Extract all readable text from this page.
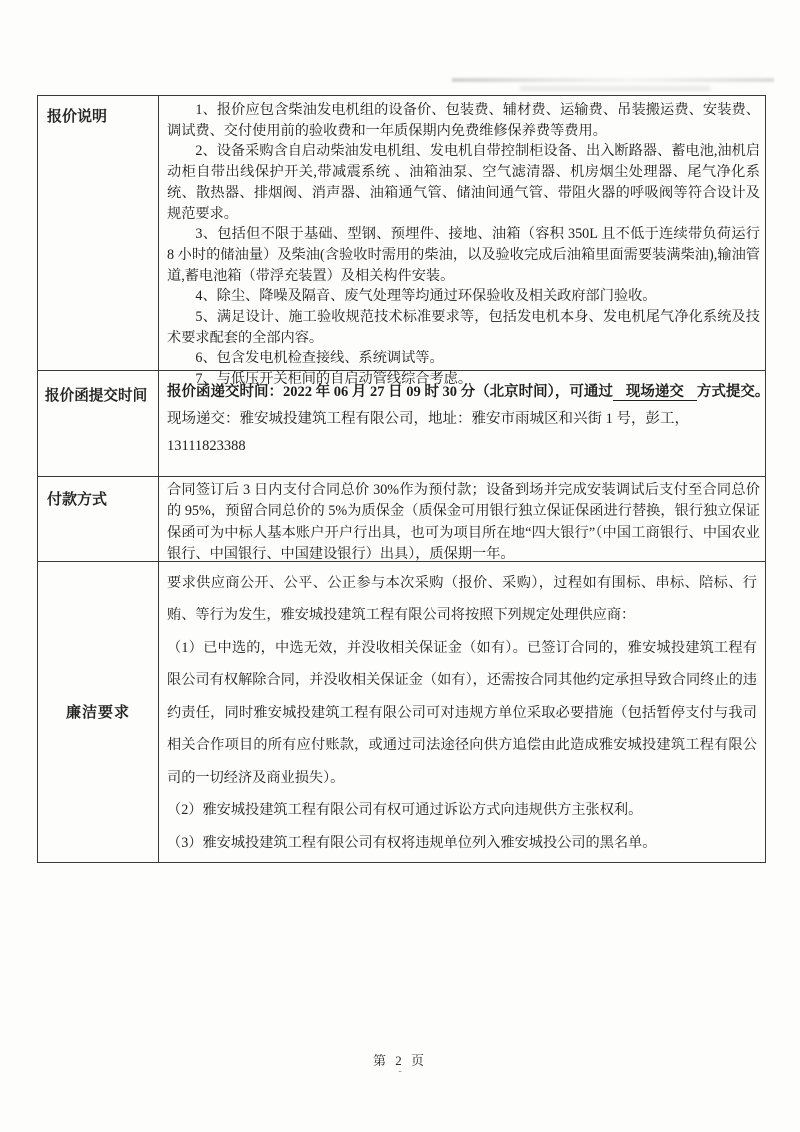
报价说明	1、报价应包含柴油发电机组的设备价、包装费、辅材费、运输费、吊装搬运费、安装费、调试费、交付使用前的验收费和一年质保期内免费维修保养费等费用。

2、设备采购含自启动柴油发电机组、发电机自带控制柜设备、出入断路器、蓄电池,油机启动柜自带出线保护开关,带减震系统 、油箱油泵、空气滤清器、机房烟尘处理器、尾气净化系统、散热器、排烟阀、消声器、油箱通气管、储油间通气管、带阻火器的呼吸阀等符合设计及规范要求。

3、包括但不限于基础、型钢、预埋件、接地、油箱（容积 350L 且不低于连续带负荷运行 8 小时的储油量）及柴油(含验收时需用的柴油，以及验收完成后油箱里面需要装满柴油),输油管道,蓄电池箱（带浮充装置）及相关构件安装。

4、除尘、降噪及隔音、废气处理等均通过环保验收及相关政府部门验收。

5、满足设计、施工验收规范技术标准要求等，包括发电机本身、发电机尾气净化系统及技术要求配套的全部内容。

6、包含发电机检查接线、系统调试等。

7、与低压开关柜间的自启动管线综合考虑。

报价函提交时间	报价函递交时间：2022 年 06 月 27 日 09 时 30 分（北京时间），可通过 现场递交 方式提交。
现场递交：雅安城投建筑工程有限公司，地址：雅安市雨城区和兴街 1 号，彭工，13111823388

付款方式	合同签订后 3 日内支付合同总价 30%作为预付款；设备到场并完成安装调试后支付至合同总价的 95%，预留合同总价的 5%为质保金（质保金可用银行独立保证保函进行替换，银行独立保证保函可为中标人基本账户开户行出具，也可为项目所在地“四大银行”（中国工商银行、中国农业银行、中国银行、中国建设银行）出具），质保期一年。

廉洁要求	要求供应商公开、公平、公正参与本次采购（报价、采购），过程如有围标、串标、陪标、行贿、等行为发生，雅安城投建筑工程有限公司将按照下列规定处理供应商：

（1）已中选的，中选无效，并没收相关保证金（如有）。已签订合同的，雅安城投建筑工程有限公司有权解除合同，并没收相关保证金（如有），还需按合同其他约定承担导致合同终止的违约责任，同时雅安城投建筑工程有限公司可对违规方单位采取必要措施（包括暂停支付与我司相关合作项目的所有应付账款，或通过司法途径向供方追偿由此造成雅安城投建筑工程有限公司的一切经济及商业损失）。

（2）雅安城投建筑工程有限公司有权可通过诉讼方式向违规供方主张权利。

（3）雅安城投建筑工程有限公司有权将违规单位列入雅安城投公司的黑名单。

第 2 页
-
